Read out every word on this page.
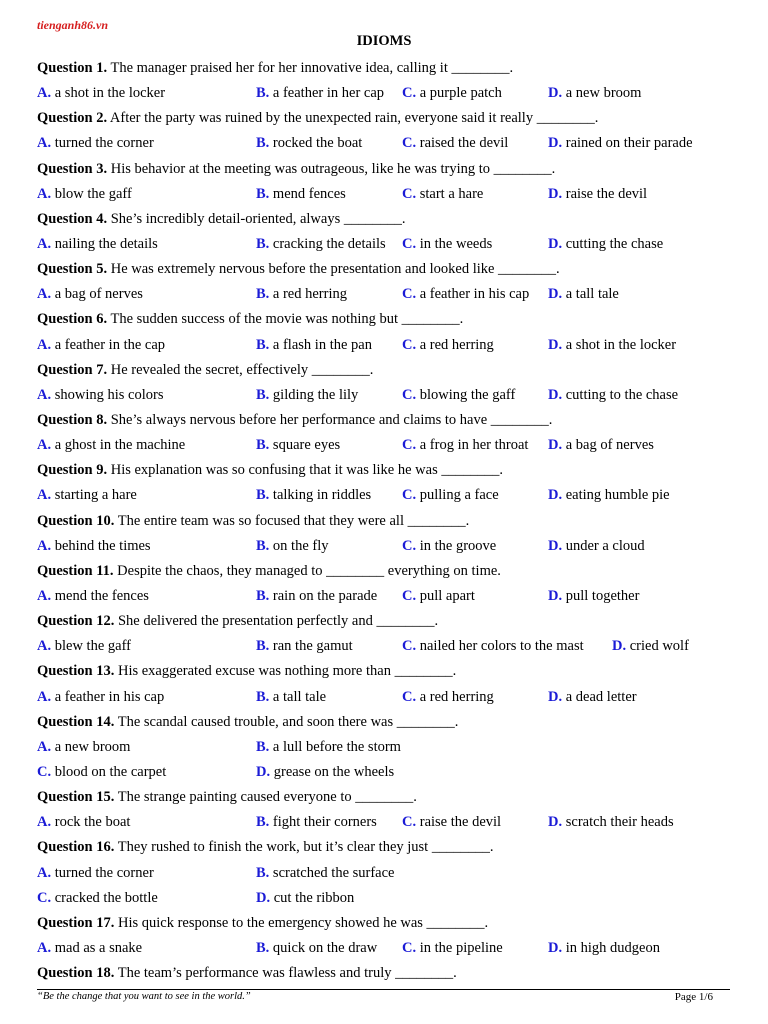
tienganh86.vn
IDIOMS
Question 1. The manager praised her for her innovative idea, calling it ________.
A. a shot in the locker	B. a feather in her cap C. a purple patch	D. a new broom
Question 2. After the party was ruined by the unexpected rain, everyone said it really ________.
A. turned the corner	B. rocked the boat	C. raised the devil	D. rained on their parade
Question 3. His behavior at the meeting was outrageous, like he was trying to ________.
A. blow the gaff	B. mend fences	C. start a hare	D. raise the devil
Question 4. She’s incredibly detail-oriented, always ________.
A. nailing the details	B. cracking the details C. in the weeds	D. cutting the chase
Question 5. He was extremely nervous before the presentation and looked like ________.
A. a bag of nerves	B. a red herring	C. a feather in his cap D. a tall tale
Question 6. The sudden success of the movie was nothing but ________.
A. a feather in the cap	B. a flash in the pan C. a red herring	D. a shot in the locker
Question 7. He revealed the secret, effectively ________.
A. showing his colors	B. gilding the lily	C. blowing the gaff D. cutting to the chase
Question 8. She’s always nervous before her performance and claims to have ________.
A. a ghost in the machine	B. square eyes	C. a frog in her throat D. a bag of nerves
Question 9. His explanation was so confusing that it was like he was ________.
A. starting a hare	B. talking in riddles C. pulling a face	D. eating humble pie
Question 10. The entire team was so focused that they were all ________.
A. behind the times	B. on the fly	C. in the groove	D. under a cloud
Question 11. Despite the chaos, they managed to ________ everything on time.
A. mend the fences	B. rain on the parade C. pull apart	D. pull together
Question 12. She delivered the presentation perfectly and ________.
A. blew the gaff	B. ran the gamut	C. nailed her colors to the mast D. cried wolf
Question 13. His exaggerated excuse was nothing more than ________.
A. a feather in his cap	B. a tall tale	C. a red herring	D. a dead letter
Question 14. The scandal caused trouble, and soon there was ________.
A. a new broom	B. a lull before the storm
C. blood on the carpet	D. grease on the wheels
Question 15. The strange painting caused everyone to ________.
A. rock the boat	B. fight their corners C. raise the devil	D. scratch their heads
Question 16. They rushed to finish the work, but it’s clear they just ________.
A. turned the corner	B. scratched the surface
C. cracked the bottle	D. cut the ribbon
Question 17. His quick response to the emergency showed he was ________.
A. mad as a snake	B. quick on the draw C. in the pipeline	D. in high dudgeon
Question 18. The team’s performance was flawless and truly ________.
“Be the change that you want to see in the world.”	Page 1/6
